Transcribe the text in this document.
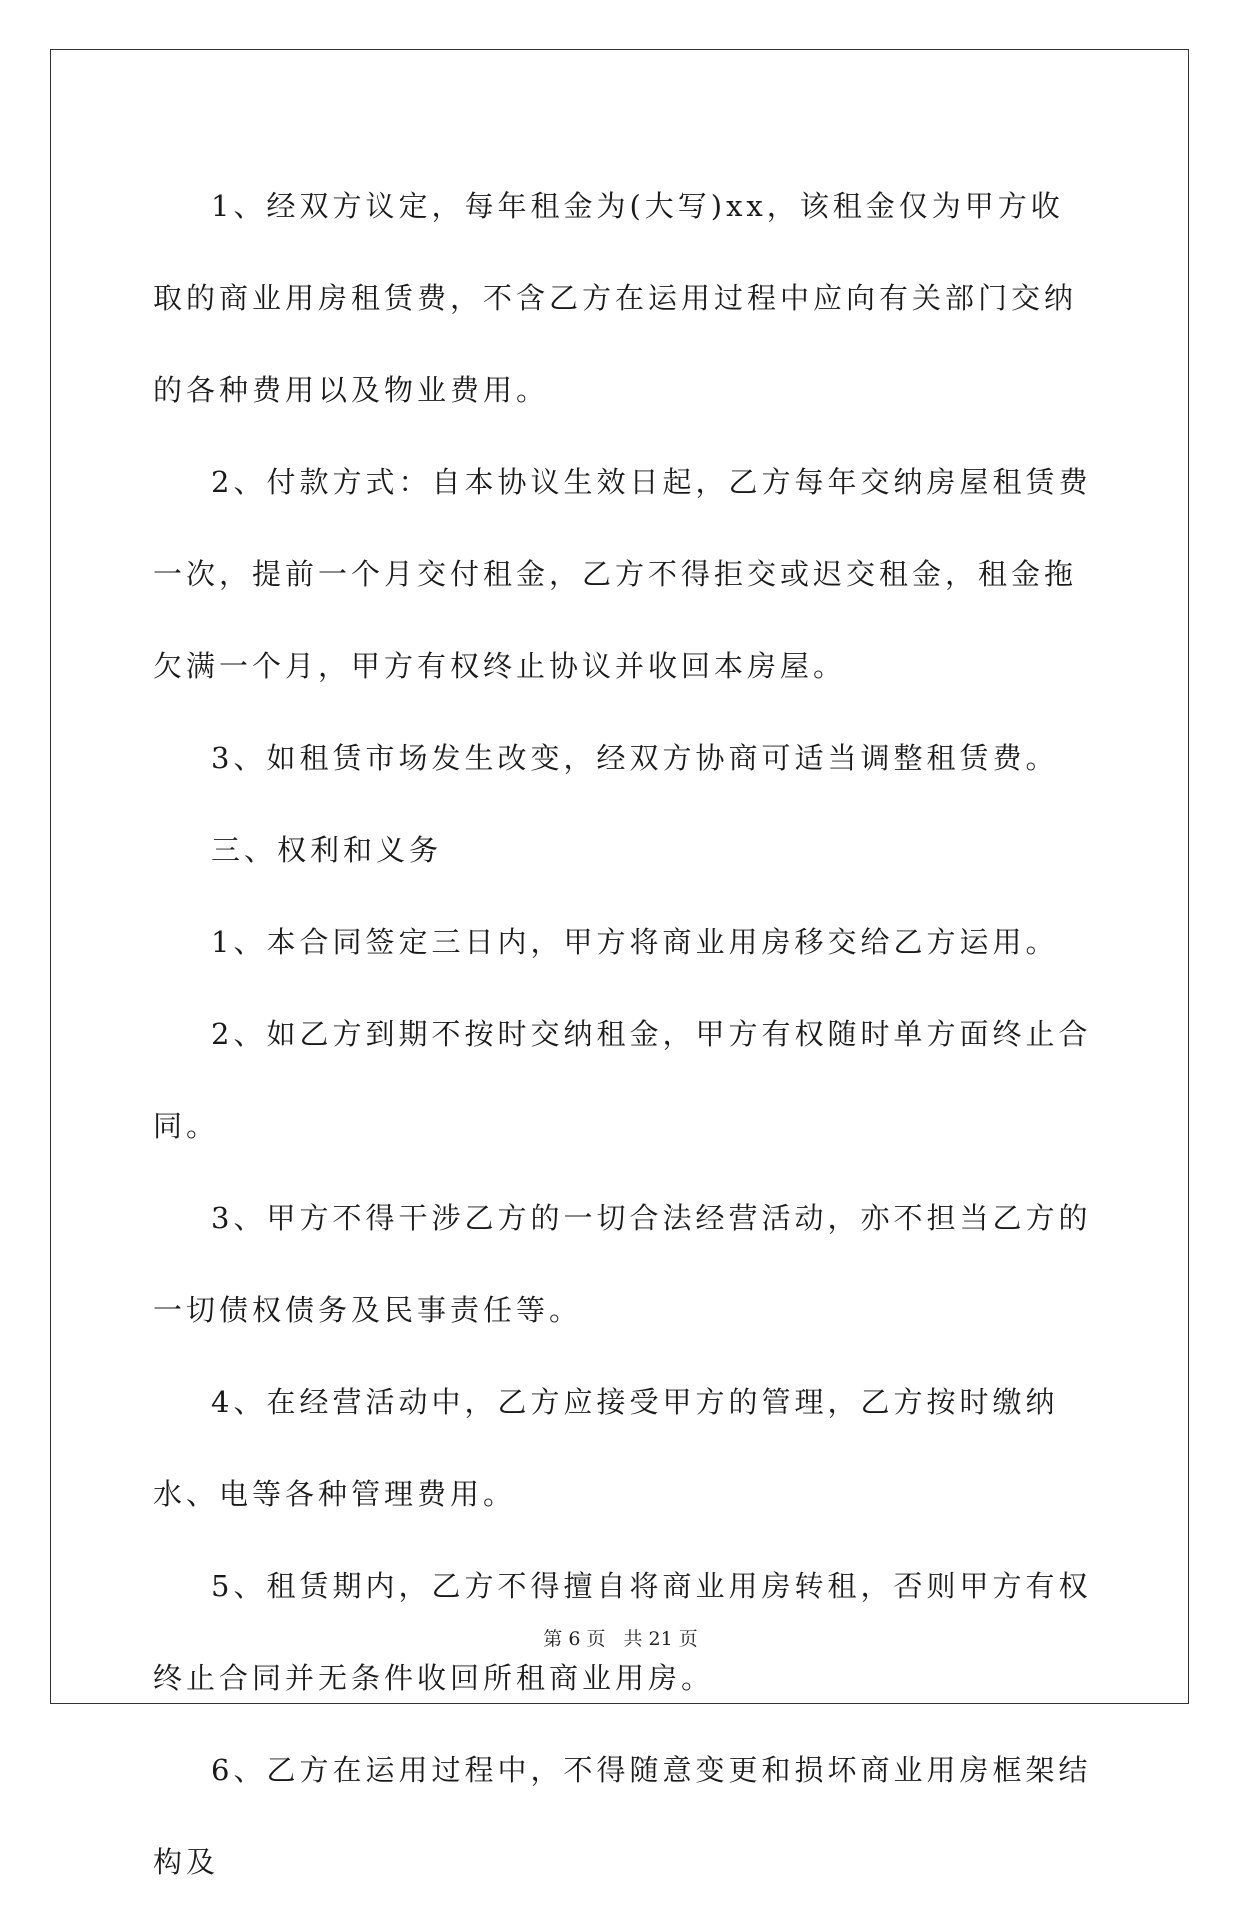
1、经双方议定，每年租金为(大写)xx，该租金仅为甲方收取的商业用房租赁费，不含乙方在运用过程中应向有关部门交纳的各种费用以及物业费用。

2、付款方式：自本协议生效日起，乙方每年交纳房屋租赁费一次，提前一个月交付租金，乙方不得拒交或迟交租金，租金拖欠满一个月，甲方有权终止协议并收回本房屋。

3、如租赁市场发生改变，经双方协商可适当调整租赁费。

三、权利和义务

1、本合同签定三日内，甲方将商业用房移交给乙方运用。

2、如乙方到期不按时交纳租金，甲方有权随时单方面终止合同。

3、甲方不得干涉乙方的一切合法经营活动，亦不担当乙方的一切债权债务及民事责任等。

4、在经营活动中，乙方应接受甲方的管理，乙方按时缴纳水、电等各种管理费用。

5、租赁期内，乙方不得擅自将商业用房转租，否则甲方有权终止合同并无条件收回所租商业用房。

6、乙方在运用过程中，不得随意变更和损坏商业用房框架结构及

第 6 页 共 21 页
